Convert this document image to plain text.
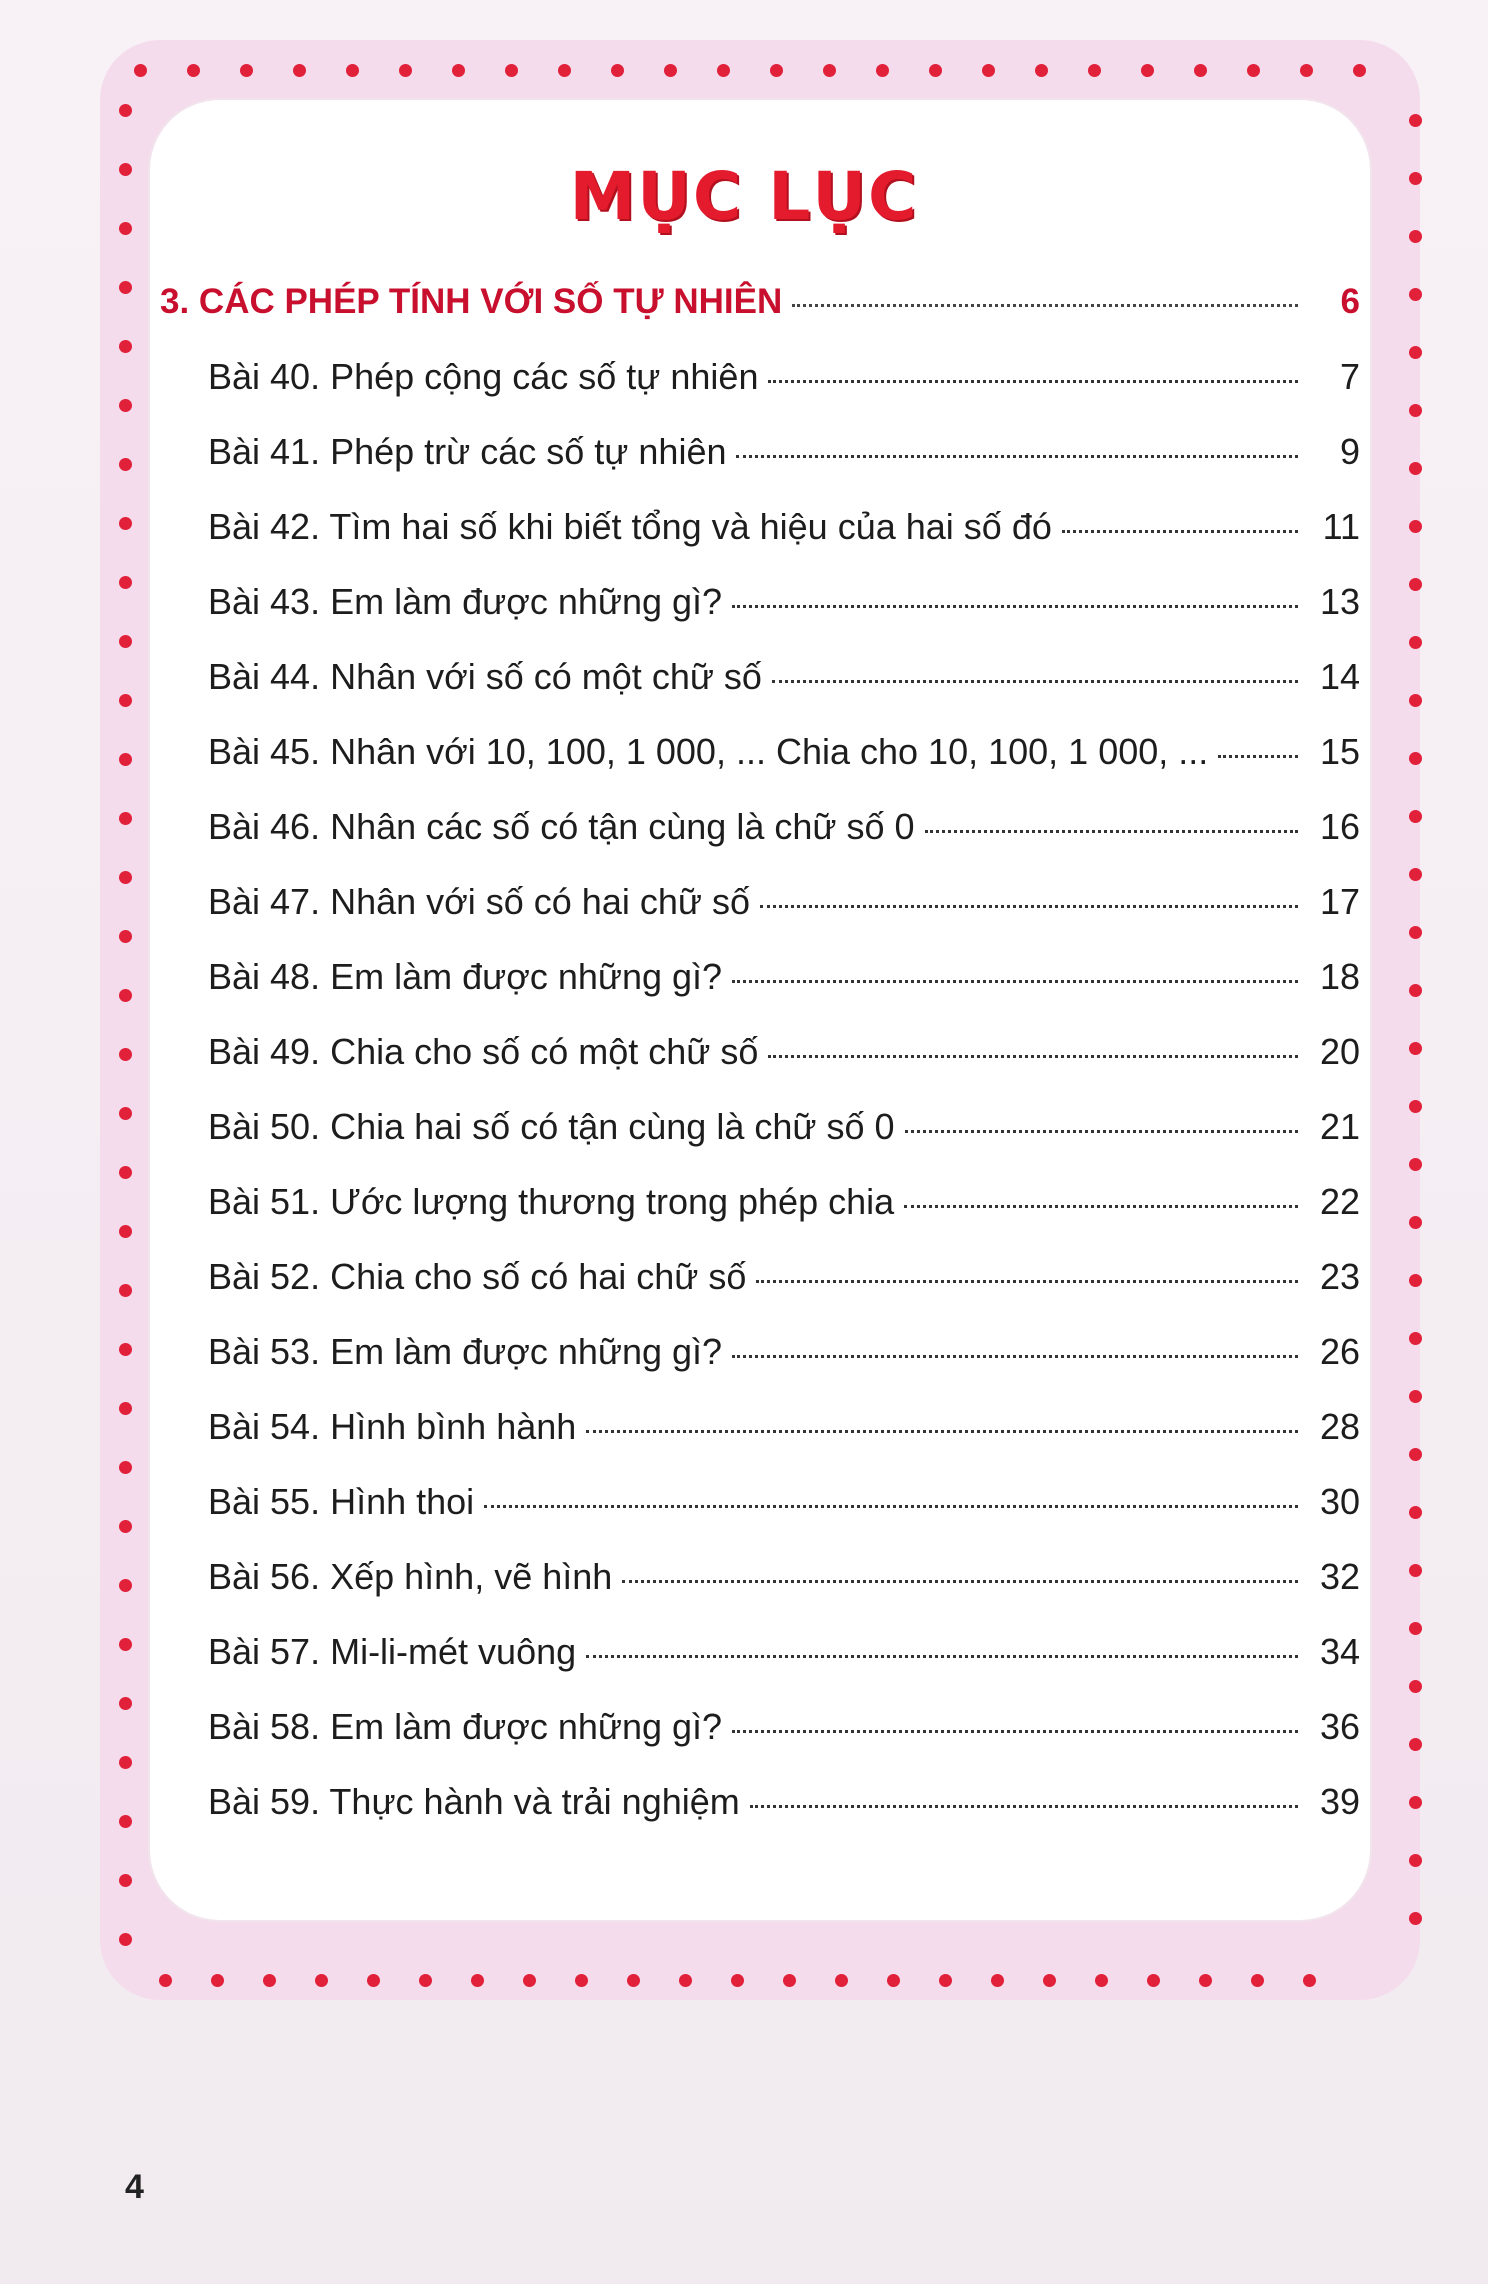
MỤC LỤC
3. CÁC PHÉP TÍNH VỚI SỐ TỰ NHIÊN	6
Bài 40. Phép cộng các số tự nhiên	7
Bài 41. Phép trừ các số tự nhiên	9
Bài 42. Tìm hai số khi biết tổng và hiệu của hai số đó	11
Bài 43. Em làm được những gì?	13
Bài 44. Nhân với số có một chữ số	14
Bài 45. Nhân với 10, 100, 1 000, ... Chia cho 10, 100, 1 000, ...	15
Bài 46. Nhân các số có tận cùng là chữ số 0	16
Bài 47. Nhân với số có hai chữ số	17
Bài 48. Em làm được những gì?	18
Bài 49. Chia cho số có một chữ số	20
Bài 50. Chia hai số có tận cùng là chữ số 0	21
Bài 51. Ước lượng thương trong phép chia	22
Bài 52. Chia cho số có hai chữ số	23
Bài 53. Em làm được những gì?	26
Bài 54. Hình bình hành	28
Bài 55. Hình thoi	30
Bài 56. Xếp hình, vẽ hình	32
Bài 57. Mi-li-mét vuông	34
Bài 58. Em làm được những gì?	36
Bài 59. Thực hành và trải nghiệm	39
4
